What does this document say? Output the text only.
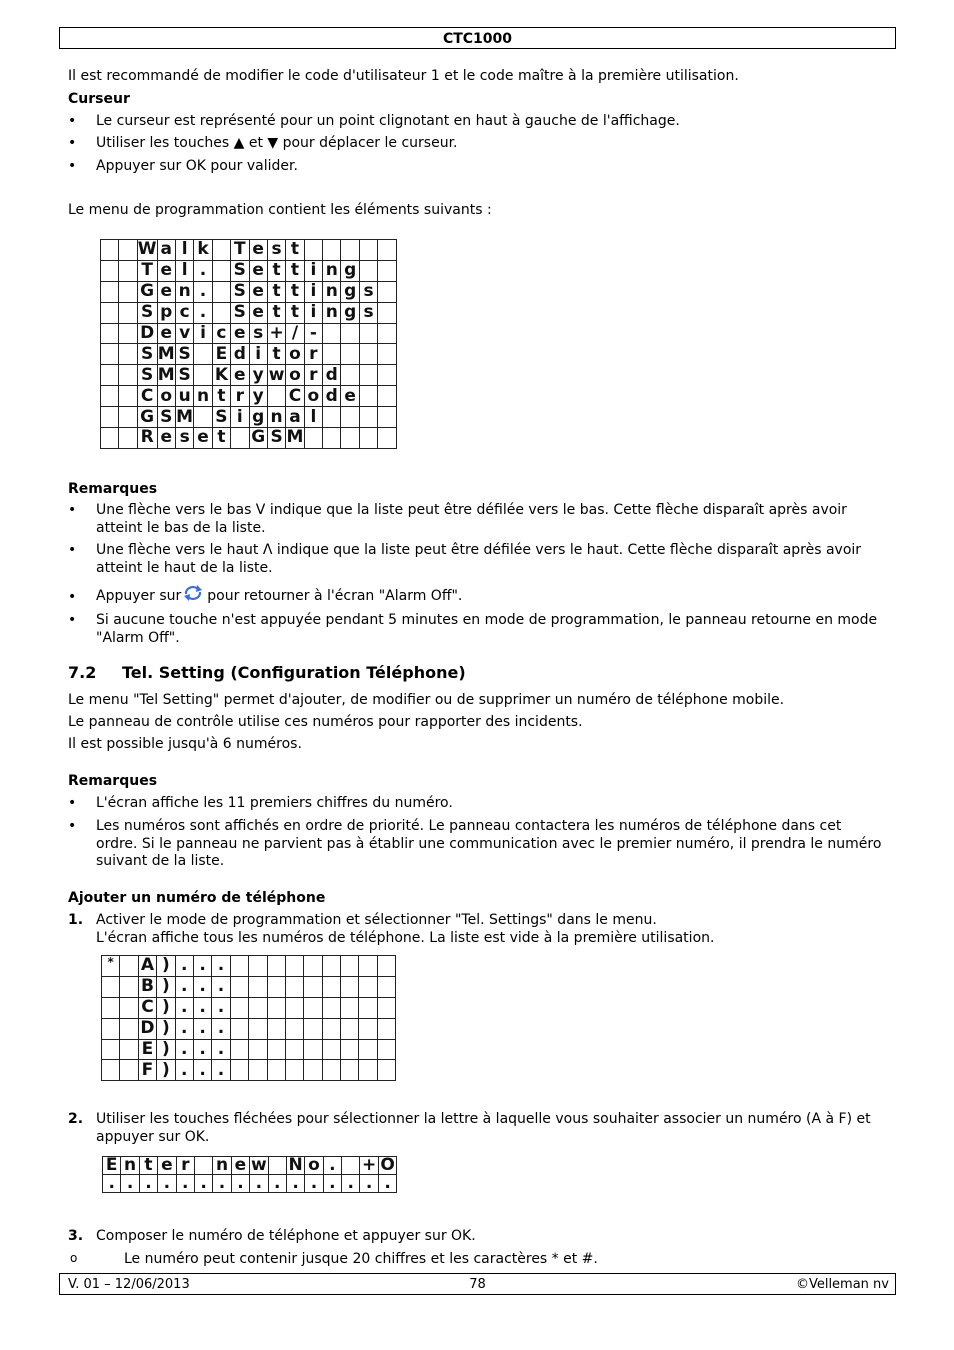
CTC1000
Il est recommandé de modifier le code d'utilisateur 1 et le code maître à la première utilisation.
Curseur
• Le curseur est représenté pour un point clignotant en haut à gauche de l'affichage.
• Utiliser les touches ▲ et ▼ pour déplacer le curseur.
• Appuyer sur OK pour valider.
Le menu de programmation contient les éléments suivants :
		W	a	l	k		T	e	s	t					
		T	e	l	.		S	e	t	t	i	n	g		
		G	e	n	.		S	e	t	t	i	n	g	s	
		S	p	c	.		S	e	t	t	i	n	g	s	
		D	e	v	i	c	e	s	+	/	-				
		S	M	S		E	d	i	t	o	r				
		S	M	S		K	e	y	w	o	r	d			
		C	o	u	n	t	r	y		C	o	d	e		
		G	S	M		S	i	g	n	a	l				
		R	e	s	e	t		G	S	M					
Remarques
• Une flèche vers le bas V indique que la liste peut être défilée vers le bas. Cette flèche disparaît après avoir atteint le bas de la liste.
• Une flèche vers le haut Λ indique que la liste peut être défilée vers le haut. Cette flèche disparaît après avoir atteint le haut de la liste.
• Appuyer sur pour retourner à l'écran "Alarm Off".
• Si aucune touche n'est appuyée pendant 5 minutes en mode de programmation, le panneau retourne en mode "Alarm Off".
7.2 Tel. Setting (Configuration Téléphone)
Le menu "Tel Setting" permet d'ajouter, de modifier ou de supprimer un numéro de téléphone mobile.
Le panneau de contrôle utilise ces numéros pour rapporter des incidents.
Il est possible jusqu'à 6 numéros.
Remarques
• L'écran affiche les 11 premiers chiffres du numéro.
• Les numéros sont affichés en ordre de priorité. Le panneau contactera les numéros de téléphone dans cet ordre. Si le panneau ne parvient pas à établir une communication avec le premier numéro, il prendra le numéro suivant de la liste.
Ajouter un numéro de téléphone
1. Activer le mode de programmation et sélectionner "Tel. Settings" dans le menu.
L'écran affiche tous les numéros de téléphone. La liste est vide à la première utilisation.
*		A	)	.	.	.									
		B	)	.	.	.									
		C	)	.	.	.									
		D	)	.	.	.									
		E	)	.	.	.									
		F	)	.	.	.									
2. Utiliser les touches fléchées pour sélectionner la lettre à laquelle vous souhaiter associer un numéro (A à F) et appuyer sur OK.
E	n	t	e	r		n	e	w		N	o	.		+	O
.	.	.	.	.	.	.	.	.	.	.	.	.	.	.	.
3. Composer le numéro de téléphone et appuyer sur OK.
o	Le numéro peut contenir jusque 20 chiffres et les caractères * et #.
V. 01 – 12/06/2013	78	©Velleman nv
